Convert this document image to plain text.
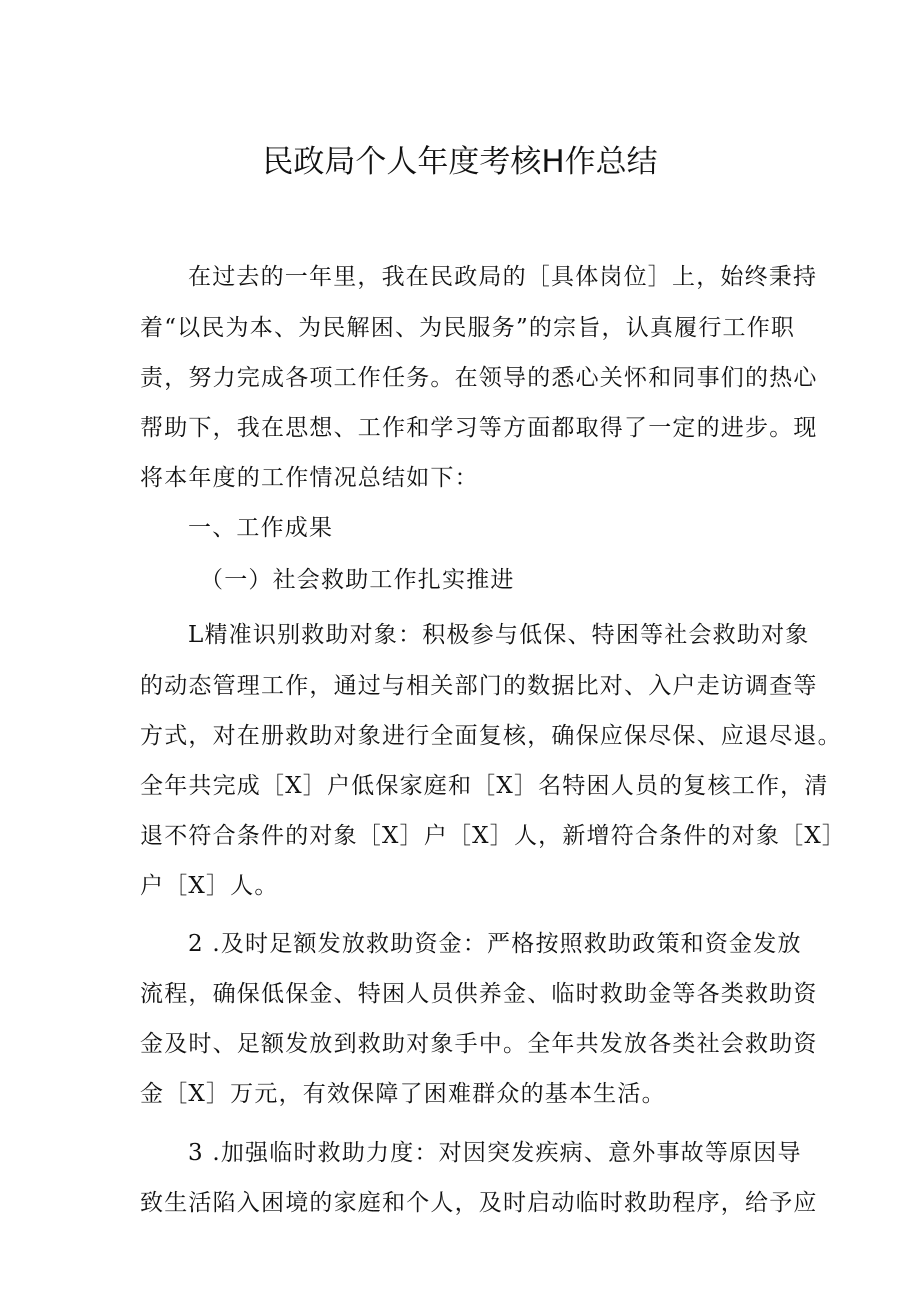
民政局个人年度考核H作总结
在过去的一年里，我在民政局的［具体岗位］上，始终秉持
着“以民为本、为民解困、为民服务”的宗旨，认真履行工作职
责，努力完成各项工作任务。在领导的悉心关怀和同事们的热心
帮助下，我在思想、工作和学习等方面都取得了一定的进步。现
将本年度的工作情况总结如下：
一、工作成果
（一）社会救助工作扎实推进
L精准识别救助对象：积极参与低保、特困等社会救助对象
的动态管理工作，通过与相关部门的数据比对、入户走访调查等
方式，对在册救助对象进行全面复核，确保应保尽保、应退尽退。
全年共完成［X］户低保家庭和［X］名特困人员的复核工作，清
退不符合条件的对象［X］户［X］人，新增符合条件的对象［X］
户［X］人。
2 .及时足额发放救助资金：严格按照救助政策和资金发放
流程，确保低保金、特困人员供养金、临时救助金等各类救助资
金及时、足额发放到救助对象手中。全年共发放各类社会救助资
金［X］万元，有效保障了困难群众的基本生活。
3 .加强临时救助力度：对因突发疾病、意外事故等原因导
致生活陷入困境的家庭和个人，及时启动临时救助程序，给予应
